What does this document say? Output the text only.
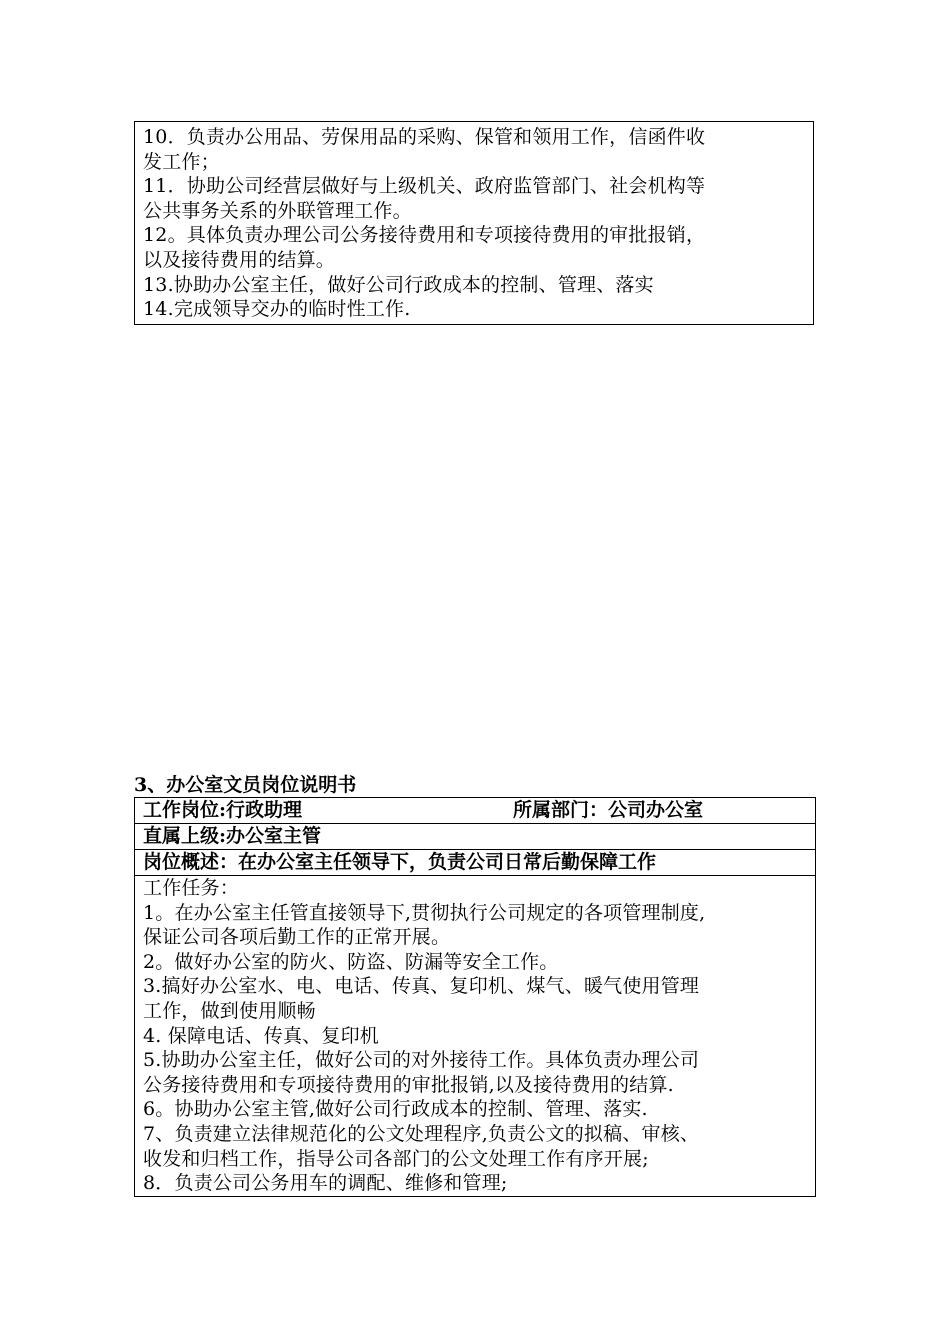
10．负责办公用品、劳保用品的采购、保管和领用工作，信函件收
发工作；
11．协助公司经营层做好与上级机关、政府监管部门、社会机构等
公共事务关系的外联管理工作。
12。具体负责办理公司公务接待费用和专项接待费用的审批报销，
以及接待费用的结算。
13.协助办公室主任，做好公司行政成本的控制、管理、落实
14.完成领导交办的临时性工作.
3、办公室文员岗位说明书
工作岗位:行政助理	所属部门：公司办公室

直属上级:办公室主管
岗位概述：在办公室主任领导下，负责公司日常后勤保障工作

工作任务：
1。在办公室主任管直接领导下,贯彻执行公司规定的各项管理制度,
保证公司各项后勤工作的正常开展。
2。做好办公室的防火、防盗、防漏等安全工作。
3.搞好办公室水、电、电话、传真、复印机、煤气、暖气使用管理
工作，做到使用顺畅
4. 保障电话、传真、复印机
5.协助办公室主任，做好公司的对外接待工作。具体负责办理公司
公务接待费用和专项接待费用的审批报销,以及接待费用的结算.
6。协助办公室主管,做好公司行政成本的控制、管理、落实.
7、负责建立法律规范化的公文处理程序,负责公文的拟稿、审核、
收发和归档工作，指导公司各部门的公文处理工作有序开展;
8．负责公司公务用车的调配、维修和管理;
